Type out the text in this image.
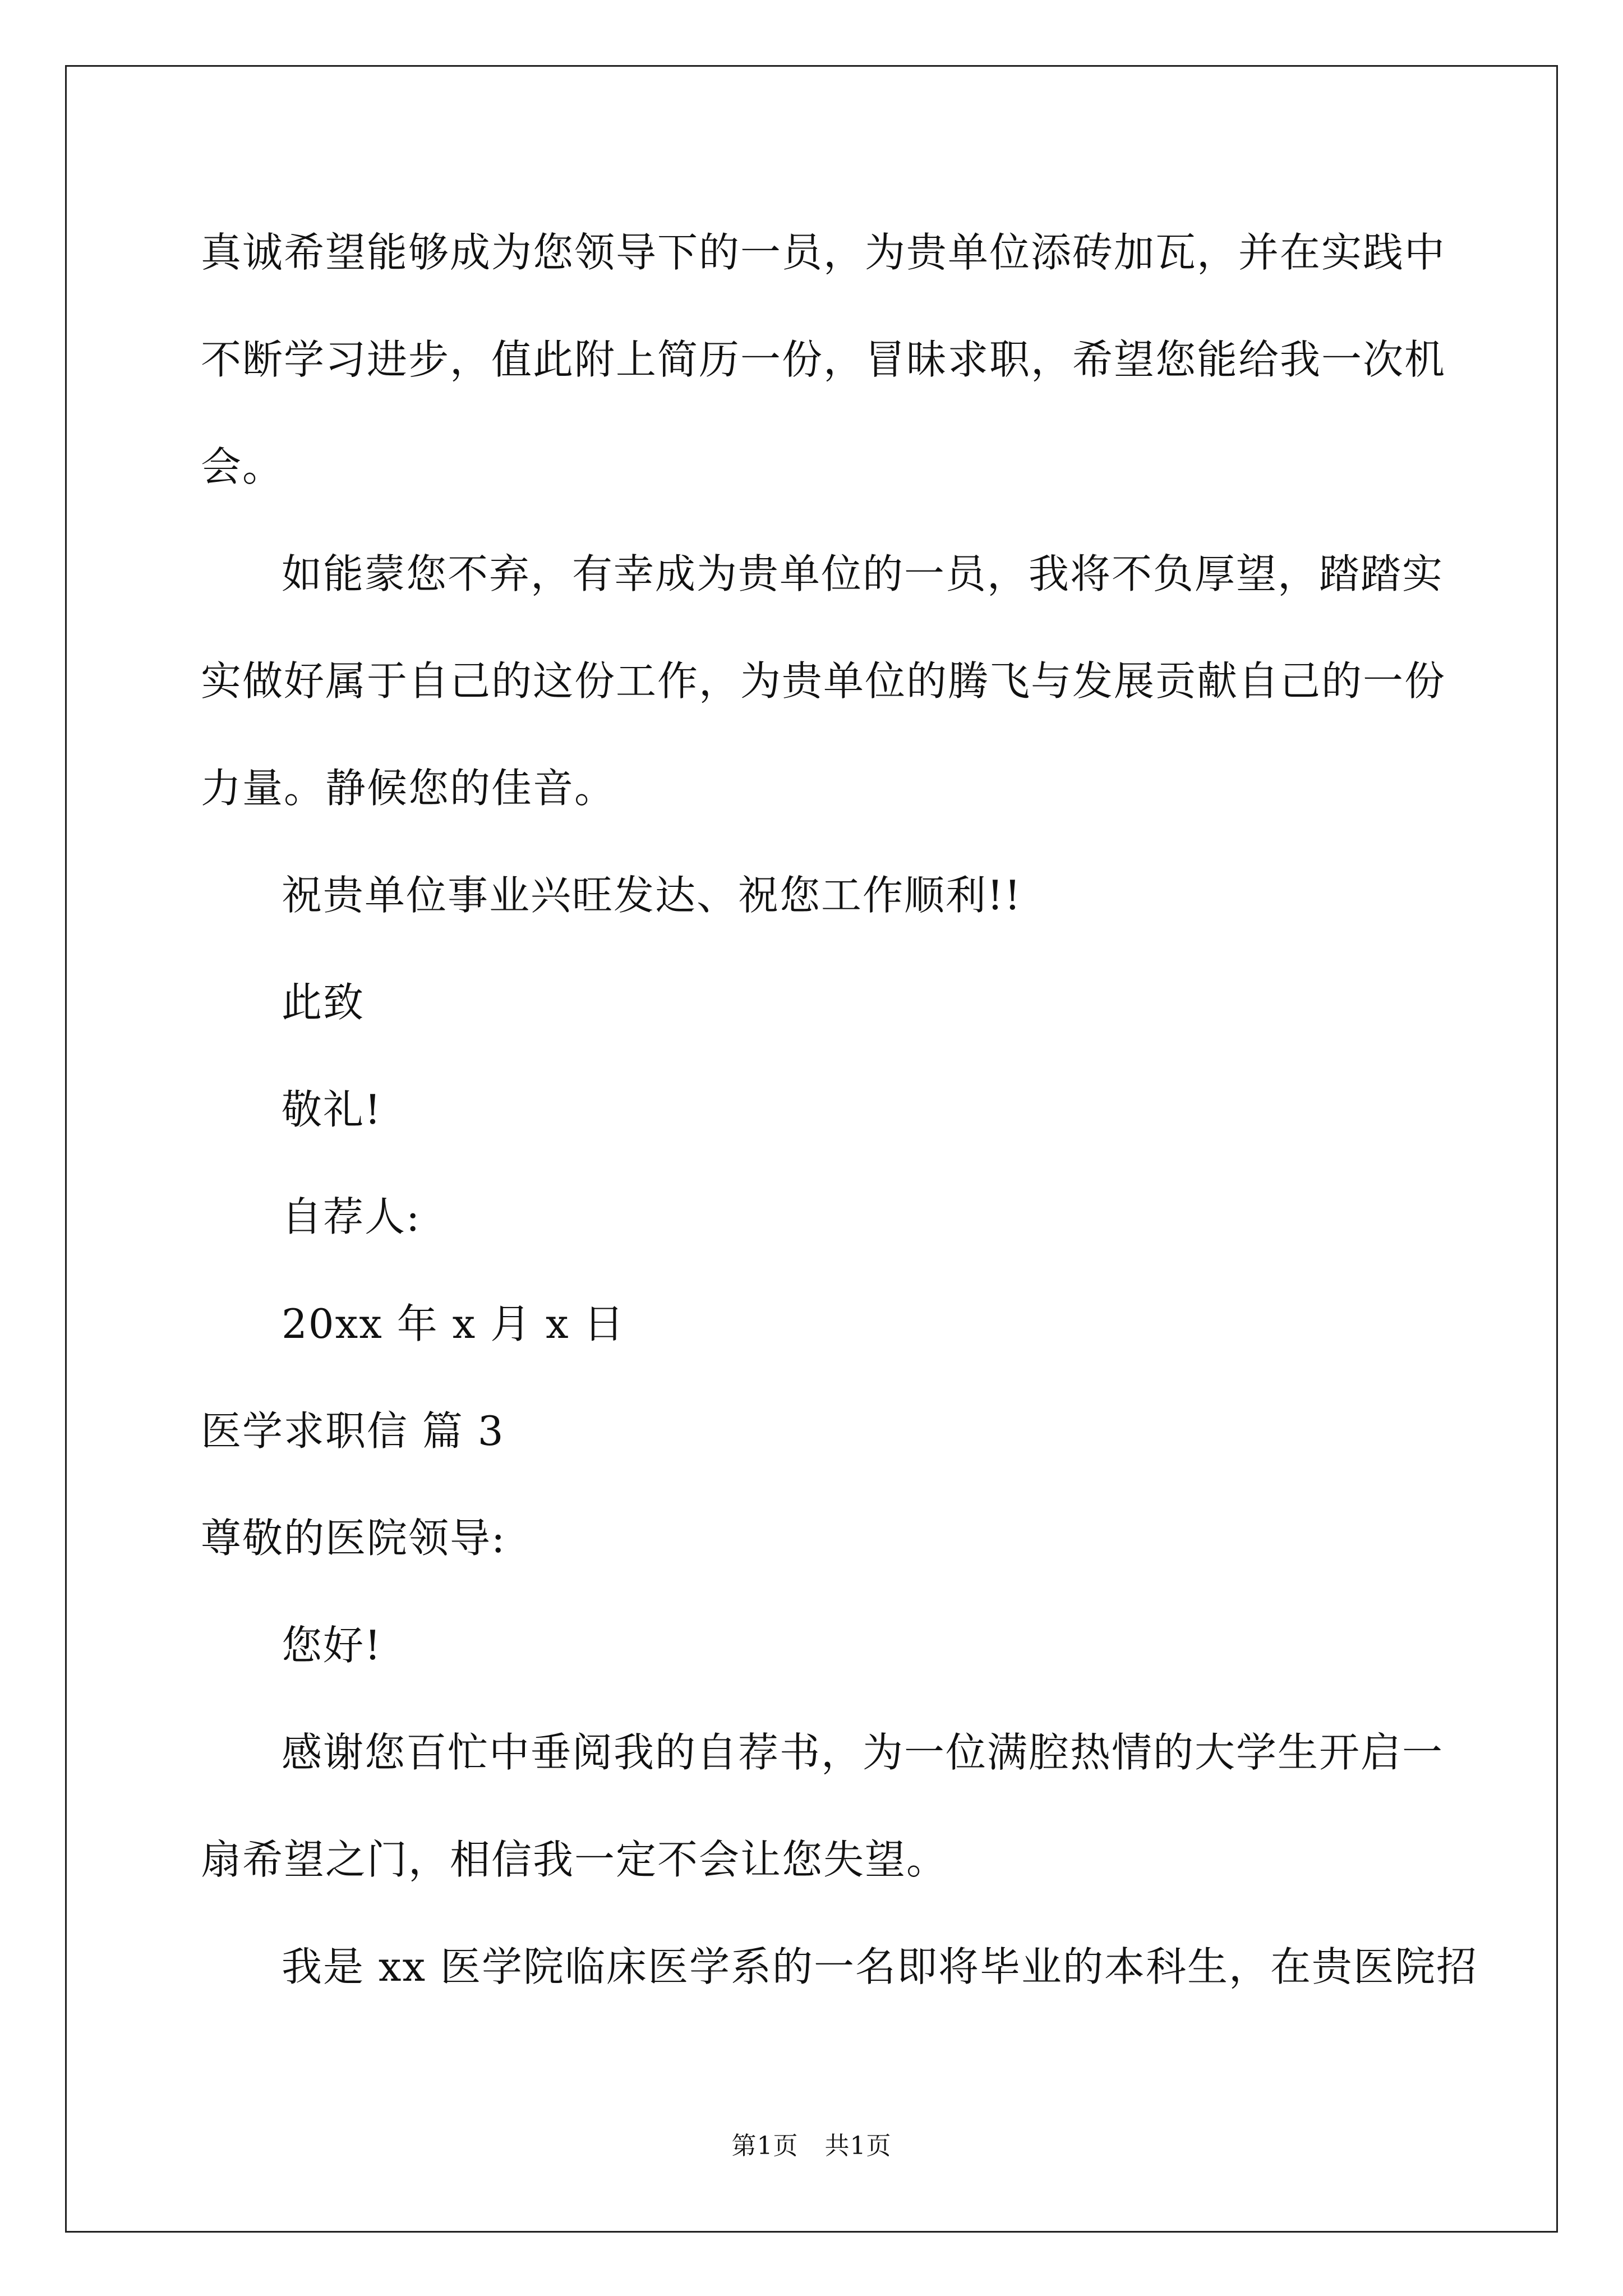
真诚希望能够成为您领导下的一员，为贵单位添砖加瓦，并在实践中
不断学习进步，值此附上简历一份，冒昧求职，希望您能给我一次机
会。
如能蒙您不弃，有幸成为贵单位的一员，我将不负厚望，踏踏实
实做好属于自己的这份工作，为贵单位的腾飞与发展贡献自己的一份
力量。静候您的佳音。
祝贵单位事业兴旺发达、祝您工作顺利!!
此致
敬礼!
自荐人:
20xx 年 x 月 x 日
医学求职信 篇 3
尊敬的医院领导:
您好!
感谢您百忙中垂阅我的自荐书，为一位满腔热情的大学生开启一
扇希望之门，相信我一定不会让您失望。
我是 xx 医学院临床医学系的一名即将毕业的本科生，在贵医院招
第1页 共1页
